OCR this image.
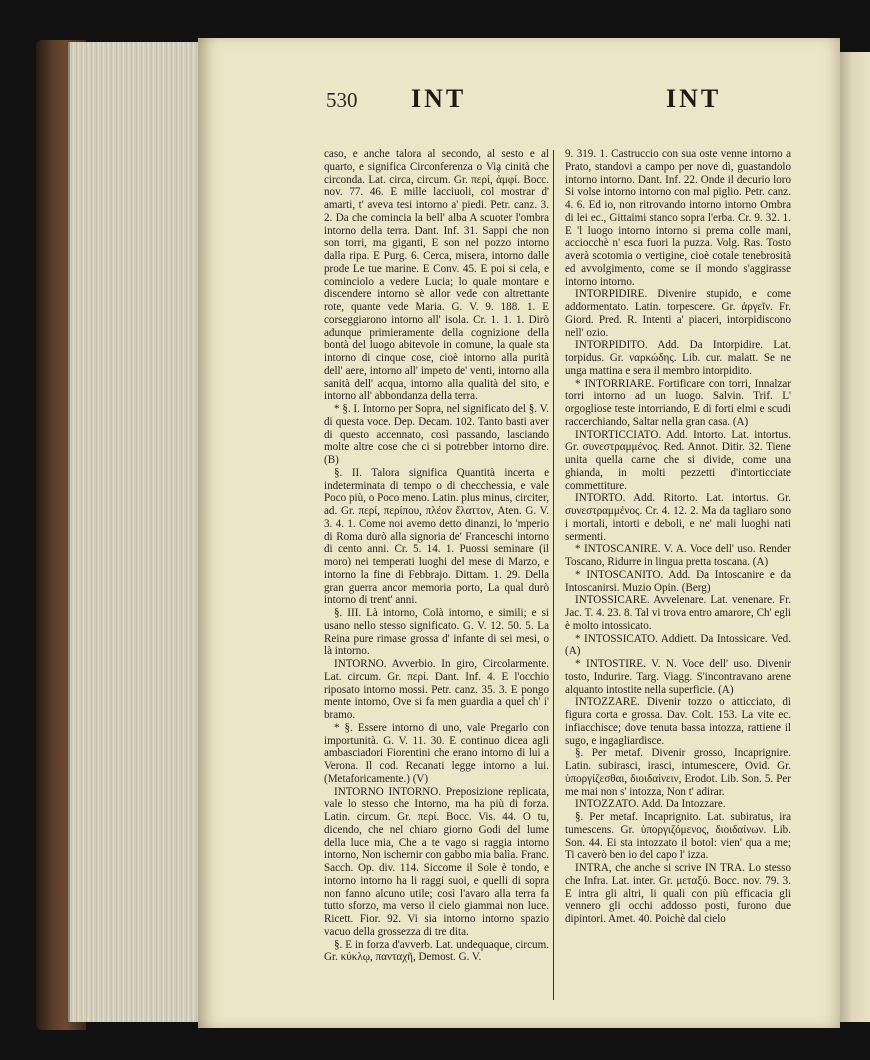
530 INT	INT

caso, e anche talora al secondo, al sesto e al quarto, e significa Circonferenza o Viḁ cinità che circonda. Lat. circa, circum. Gr. περί, ἀμφί. Bocc. nov. 77. 46. E mille lacciuoli, col mostrar d' amarti, t' aveva tesi intorno a' piedi. Petr. canz. 3. 2. Da che comincia la bell' alba A scuoter l'ombra intorno della terra. Dant. Inf. 31. Sappi che non son torri, ma giganti, E son nel pozzo intorno dalla ripa. E Purg. 6. Cerca, misera, intorno dalle prode Le tue marine. E Conv. 45. E poi si cela, e cominciolo a vedere Lucia; lo quale montare e discendere intorno sè allor vede con altrettante rote, quante vede Maria. G. V. 9. 188. 1. E corseggiarono intorno all' isola. Cr. 1. 1. 1. Dirò adunque primieramente della cognizione della bontà del luogo abitevole in comune, la quale sta intorno di cinque cose, cioè intorno alla purità dell' aere, intorno all' impeto de' venti, intorno alla sanità dell' acqua, intorno alla qualità del sito, e intorno all' abbondanza della terra.

* §. I. Intorno per Sopra, nel significato del §. V. di questa voce. Dep. Decam. 102. Tanto basti aver di questo accennato, così passando, lasciando molte altre cose che ci si potrebber intorno dire. (B)

§. II. Talora significa Quantità incerta e indeterminata di tempo o di checchessia, e vale Poco più, o Poco meno. Latin. plus minus, circiter, ad. Gr. περί, περίπου, πλέον ἔλαττον, Aten. G. V. 3. 4. 1. Come noi avemo detto dinanzi, lo 'mperio di Roma durò alla signoria de' Franceschi intorno di cento anni. Cr. 5. 14. 1. Puossi seminare (il moro) nei temperati luoghi del mese di Marzo, e intorno la fine di Febbrajo. Dittam. 1. 29. Della gran guerra ancor memoria porto, La qual durò intorno di trent' anni.

§. III. Là intorno, Colà intorno, e simili; e si usano nello stesso significato. G. V. 12. 50. 5. La Reina pure rimase grossa d' infante di sei mesi, o là intorno.

INTORNO. Avverbio. In giro, Circolarmente. Lat. circum. Gr. περί. Dant. Inf. 4. E l'occhio riposato intorno mossi. Petr. canz. 35. 3. E pongo mente intorno, Ove si fa men guardia a quel ch' i' bramo.

* §. Essere intorno di uno, vale Pregarlo con importunità. G. V. 11. 30. E continuo dicea agli ambasciadori Fiorentini che erano intorno di lui a Verona. Il cod. Recanati legge intorno a lui. (Metaforicamente.) (V)

INTORNO INTORNO. Preposizione replicata, vale lo stesso che Intorno, ma ha più di forza. Latin. circum. Gr. περί. Bocc. Vis. 44. O tu, dicendo, che nel chiaro giorno Godi del lume della luce mia, Che a te vago si raggia intorno intorno, Non ischernir con gabbo mia balìa. Franc. Sacch. Op. div. 114. Siccome il Sole è tondo, e intorno intorno ha li raggi suoi, e quelli di sopra non fanno alcuno utile; così l'avaro alla terra fa tutto sforzo, ma verso il cielo giammai non luce. Ricett. Fior. 92. Vi sia intorno intorno spazio vacuo della grossezza di tre dita.

§. E in forza d'avverb. Lat. undequaque, circum. Gr. κύκλῳ, πανταχῆ, Demost. G. V.

9. 319. 1. Castruccio con sua oste venne intorno a Prato, standovi a campo per nove dì, guastandolo intorno intorno. Dant. Inf. 22. Onde il decurio loro Si volse intorno intorno con mal piglio. Petr. canz. 4. 6. Ed io, non ritrovando intorno intorno Ombra di lei ec., Gittaimi stanco sopra l'erba. Cr. 9. 32. 1. E 'l luogo intorno intorno si prema colle mani, acciocchè n' esca fuori la puzza. Volg. Ras. Tosto averà scotomia o vertigine, cioè cotale tenebrosità ed avvolgimento, come se il mondo s'aggirasse intorno intorno.

INTORPIDIRE. Divenire stupido, e come addormentato. Latin. torpescere. Gr. ἀργεῖν. Fr. Giord. Pred. R. Intenti a' piaceri, intorpidiscono nell' ozio.

INTORPIDITO. Add. Da Intorpidire. Lat. torpidus. Gr. ναρκώδης. Lib. cur. malatt. Se ne unga mattina e sera il membro intorpidito.

* INTORRIARE. Fortificare con torri, Innalzar torri intorno ad un luogo. Salvin. Trif. L' orgogliose teste intorriando, E di forti elmi e scudi raccerchiando, Saltar nella gran casa. (A)

INTORTICCIATO. Add. Intorto. Lat. intortus. Gr. συνεστραμμένος. Red. Annot. Ditir. 32. Tiene unita quella carne che si divide, come una ghianda, in molti pezzetti d'intorticciate commettiture.

INTORTO. Add. Ritorto. Lat. intortus. Gr. συνεστραμμένος. Cr. 4. 12. 2. Ma da tagliaro sono i mortali, intorti e deboli, e ne' mali luoghi nati sermenti.

* INTOSCANIRE. V. A. Voce dell' uso. Render Toscano, Ridurre in lingua pretta toscana. (A)

* INTOSCANITO. Add. Da Intoscanire e da Intoscanirsi. Muzio Opin. (Berg)

INTOSSICARE. Avvelenare. Lat. venenare. Fr. Jac. T. 4. 23. 8. Tal vi trova entro amarore, Ch' egli è molto intossicato.

* INTOSSICATO. Addiett. Da Intossicare. Ved. (A)

* INTOSTIRE. V. N. Voce dell' uso. Divenir tosto, Indurire. Targ. Viagg. S'incontravano arene alquanto intostite nella superficie. (A)

INTOZZARE. Divenir tozzo o atticciato, di figura corta e grossa. Dav. Colt. 153. La vite ec. infiacchisce; dove tenuta bassa intozza, rattiene il sugo, e ingagliardisce.

§. Per metaf. Divenir grosso, Incaprignire. Latin. subirasci, irasci, intumescere, Ovid. Gr. ὑπoργίζεσθαι, διοιδαίνειν, Erodot. Lib. Son. 5. Per me mai non s' intozza, Non t' adirar.

INTOZZATO. Add. Da Intozzare.

§. Per metaf. Incaprignito. Lat. subiratus, ira tumescens. Gr. ὑπoργιζόμενος, διοιδαίνων. Lib. Son. 44. Ei sta intozzato il botol: vien' qua a me; Ti caverò ben io del capo l' izza.

INTRA, che anche si scrive IN TRA. Lo stesso che Infra. Lat. inter. Gr. μεταξύ. Bocc. nov. 79. 3. E intra gli altri, li quali con più efficacia gli vennero gli occhi addosso posti, furono due dipintori. Amet. 40. Poichè dal cielo
